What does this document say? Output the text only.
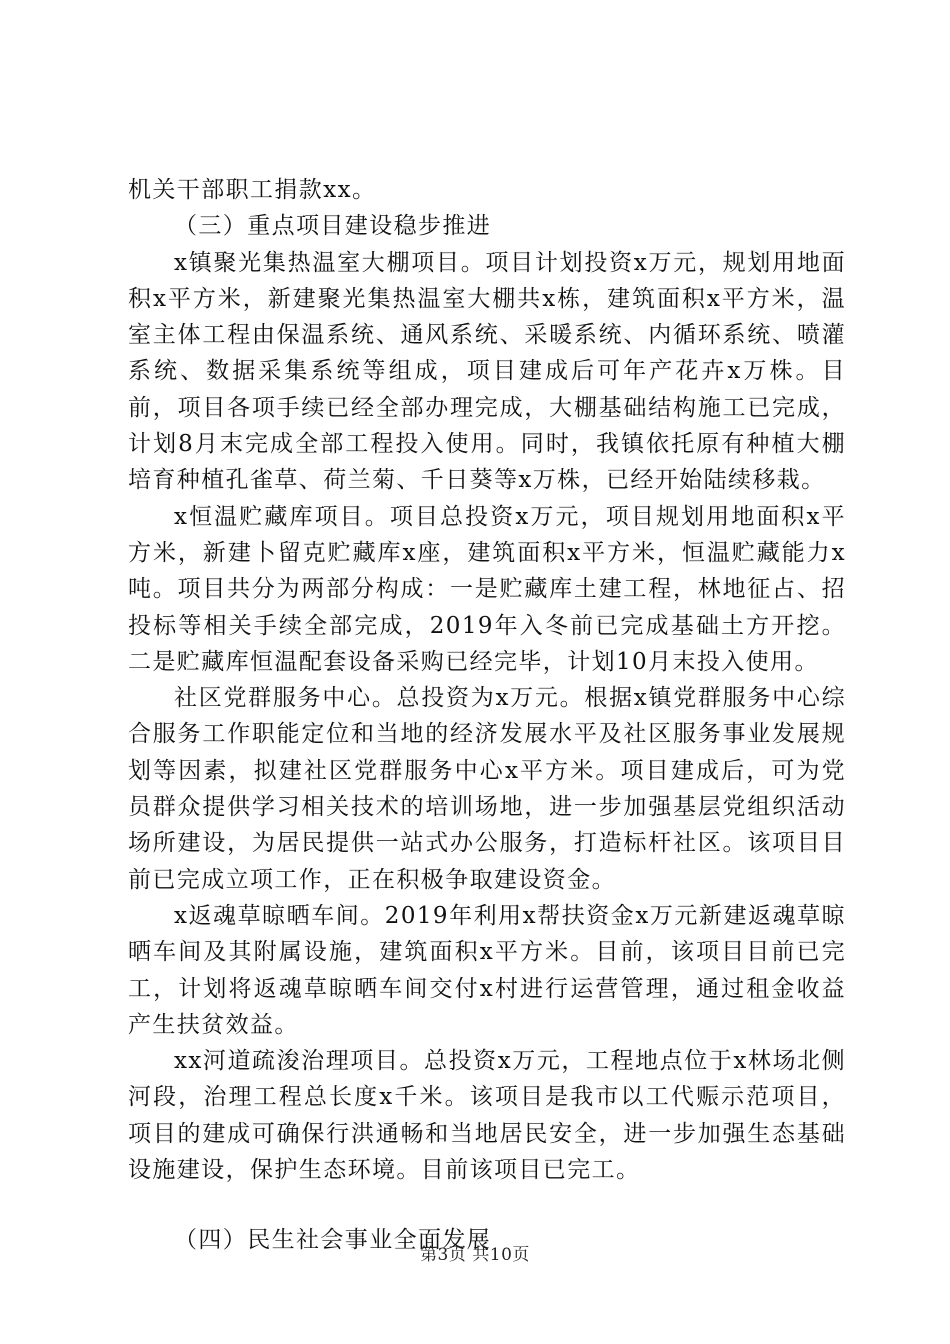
机关干部职工捐款xx。

（三）重点项目建设稳步推进

x镇聚光集热温室大棚项目。项目计划投资x万元，规划用地面积x平方米，新建聚光集热温室大棚共x栋，建筑面积x平方米，温室主体工程由保温系统、通风系统、采暖系统、内循环系统、喷灌系统、数据采集系统等组成，项目建成后可年产花卉x万株。目前，项目各项手续已经全部办理完成，大棚基础结构施工已完成，计划8月末完成全部工程投入使用。同时，我镇依托原有种植大棚培育种植孔雀草、荷兰菊、千日葵等x万株，已经开始陆续移栽。

x恒温贮藏库项目。项目总投资x万元，项目规划用地面积x平方米，新建卜留克贮藏库x座，建筑面积x平方米，恒温贮藏能力x吨。项目共分为两部分构成：一是贮藏库土建工程，林地征占、招投标等相关手续全部完成，2019年入冬前已完成基础土方开挖。二是贮藏库恒温配套设备采购已经完毕，计划10月末投入使用。

社区党群服务中心。总投资为x万元。根据x镇党群服务中心综合服务工作职能定位和当地的经济发展水平及社区服务事业发展规划等因素，拟建社区党群服务中心x平方米。项目建成后，可为党员群众提供学习相关技术的培训场地，进一步加强基层党组织活动场所建设，为居民提供一站式办公服务，打造标杆社区。该项目目前已完成立项工作，正在积极争取建设资金。

x返魂草晾晒车间。2019年利用x帮扶资金x万元新建返魂草晾晒车间及其附属设施，建筑面积x平方米。目前，该项目目前已完工，计划将返魂草晾晒车间交付x村进行运营管理，通过租金收益产生扶贫效益。

xx河道疏浚治理项目。总投资x万元，工程地点位于x林场北侧河段，治理工程总长度x千米。该项目是我市以工代赈示范项目，项目的建成可确保行洪通畅和当地居民安全，进一步加强生态基础设施建设，保护生态环境。目前该项目已完工。

（四）民生社会事业全面发展

第3页 共10页
